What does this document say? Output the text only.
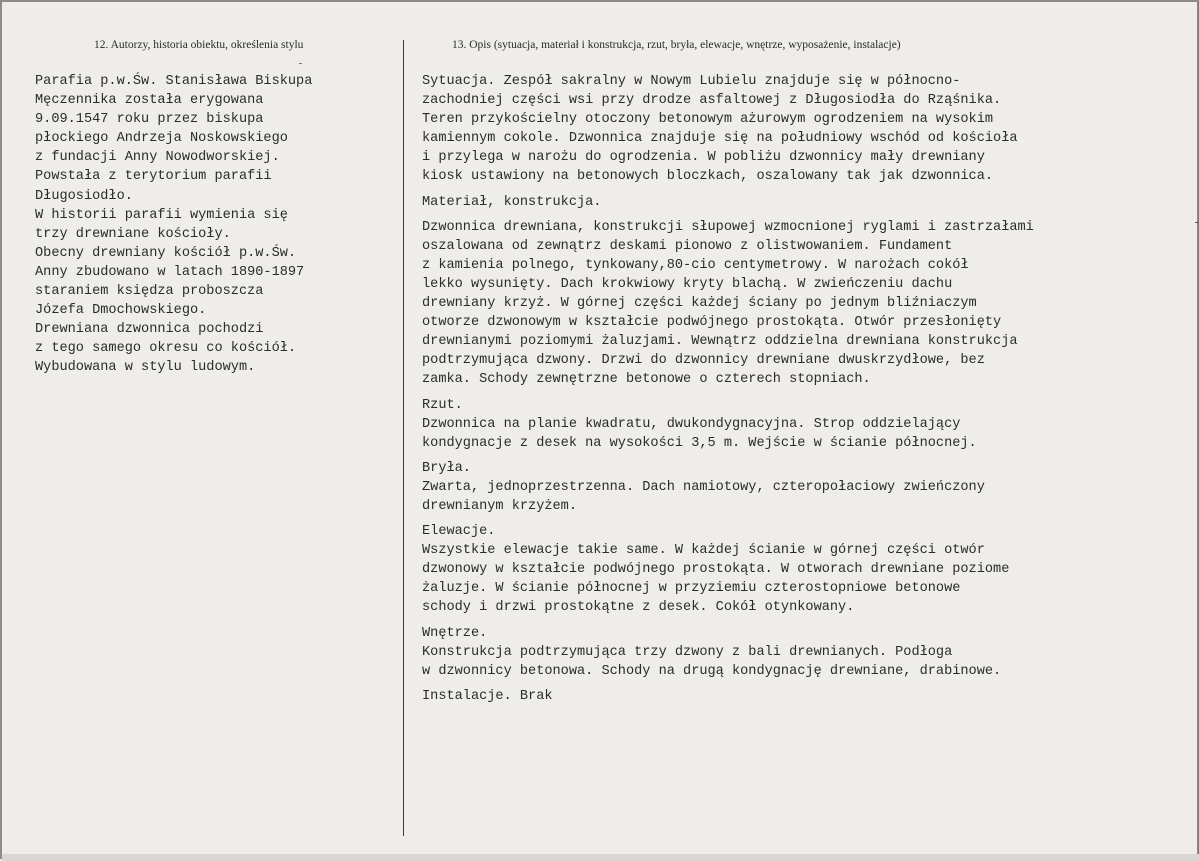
12. Autorzy, historia obiektu, określenia stylu	13. Opis (sytuacja, materiał i konstrukcja, rzut, bryła, elewacje, wnętrze, wyposażenie, instalacje)
Parafia p.w.Św. Stanisława Biskupa
Męczennika została erygowana
9.09.1547 roku przez biskupa
płockiego Andrzeja Noskowskiego
z fundacji Anny Nowodworskiej.
Powstała z terytorium parafii
Długosiodło.
W historii parafii wymienia się
trzy drewniane kościoły.
Obecny drewniany kościół p.w.Św.
Anny zbudowano w latach 1890-1897
staraniem księdza proboszcza
Józefa Dmochowskiego.
Drewniana dzwonnica pochodzi
z tego samego okresu co kościół.
Wybudowana w stylu ludowym.
Sytuacja. Zespół sakralny w Nowym Lubielu znajduje się w północno-
zachodniej części wsi przy drodze asfaltowej z Długosiodła do Rząśnika.
Teren przykościelny otoczony betonowym ażurowym ogrodzeniem na wysokim
kamiennym cokole. Dzwonnica znajduje się na południowy wschód od kościoła
i przylega w narożu do ogrodzenia. W pobliżu dzwonnicy mały drewniany
kiosk ustawiony na betonowych bloczkach, oszalowany tak jak dzwonnica.
Materiał, konstrukcja.
Dzwonnica drewniana, konstrukcji słupowej wzmocnionej ryglami i zastrzałami
oszalowana od zewnątrz deskami pionowo z olistwowaniem. Fundament
z kamienia polnego, tynkowany,80-cio centymetrowy. W narożach cokół
lekko wysunięty. Dach krokwiowy kryty blachą. W zwieńczeniu dachu
drewniany krzyż. W górnej części każdej ściany po jednym bliźniaczym
otworze dzwonowym w kształcie podwójnego prostokąta. Otwór przesłonięty
drewnianymi poziomymi żaluzjami. Wewnątrz oddzielna drewniana konstrukcja
podtrzymująca dzwony. Drzwi do dzwonnicy drewniane dwuskrzydłowe, bez
zamka. Schody zewnętrzne betonowe o czterech stopniach.
Rzut.
Dzwonnica na planie kwadratu, dwukondygnacyjna. Strop oddzielający
kondygnacje z desek na wysokości 3,5 m. Wejście w ścianie północnej.
Bryła.
Zwarta, jednoprzestrzenna. Dach namiotowy, czteropołaciowy zwieńczony
drewnianym krzyżem.
Elewacje.
Wszystkie elewacje takie same. W każdej ścianie w górnej części otwór
dzwonowy w kształcie podwójnego prostokąta. W otworach drewniane poziome
żaluzje. W ścianie północnej w przyziemiu czterostopniowe betonowe
schody i drzwi prostokątne z desek. Cokół otynkowany.
Wnętrze.
Konstrukcja podtrzymująca trzy dzwony z bali drewnianych. Podłoga
w dzwonnicy betonowa. Schody na drugą kondygnację drewniane, drabinowe.
Instalacje. Brak
